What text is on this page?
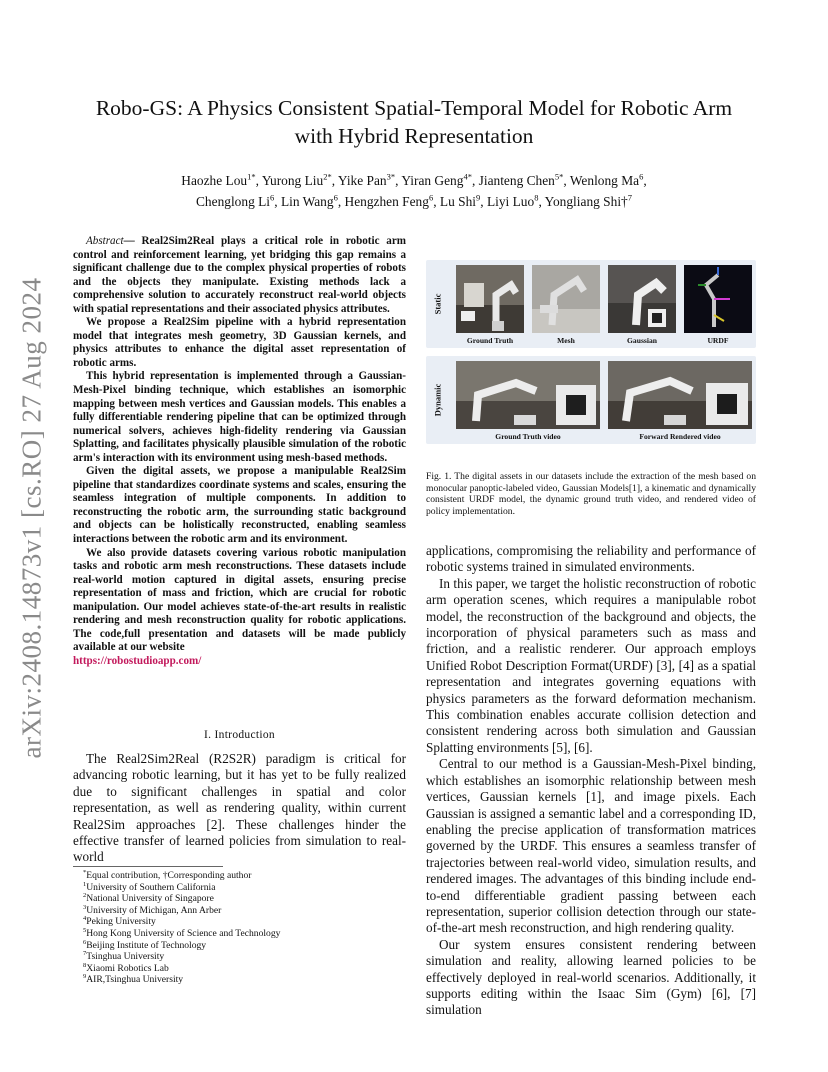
arXiv:2408.14873v1 [cs.RO] 27 Aug 2024
Robo-GS: A Physics Consistent Spatial-Temporal Model for Robotic Arm
with Hybrid Representation
Haozhe Lou$^{1*}$, Yurong Liu$^{2*}$, Yike Pan$^{3*}$, Yiran Geng$^{4*}$, Jianteng Chen$^{5*}$, Wenlong Ma$^6$,
Chenglong Li$^6$, Lin Wang$^6$, Hengzhen Feng$^6$, Lu Shi$^9$, Liyi Luo$^8$, Yongliang Shi†$^7$

Abstract— Real2Sim2Real plays a critical role in robotic arm control and reinforcement learning, yet bridging this gap remains a significant challenge due to the complex physical properties of robots and the objects they manipulate. Existing methods lack a comprehensive solution to accurately reconstruct real-world objects with spatial representations and their associated physics attributes.

We propose a Real2Sim pipeline with a hybrid representation model that integrates mesh geometry, 3D Gaussian kernels, and physics attributes to enhance the digital asset representation of robotic arms.

This hybrid representation is implemented through a Gaussian-Mesh-Pixel binding technique, which establishes an isomorphic mapping between mesh vertices and Gaussian models. This enables a fully differentiable rendering pipeline that can be optimized through numerical solvers, achieves high-fidelity rendering via Gaussian Splatting, and facilitates physically plausible simulation of the robotic arm's interaction with its environment using mesh-based methods.

Given the digital assets, we propose a manipulable Real2Sim pipeline that standardizes coordinate systems and scales, ensuring the seamless integration of multiple components. In addition to reconstructing the robotic arm, the surrounding static background and objects can be holistically reconstructed, enabling seamless interactions between the robotic arm and its environment.

We also provide datasets covering various robotic manipulation tasks and robotic arm mesh reconstructions. These datasets include real-world motion captured in digital assets, ensuring precise representation of mass and friction, which are crucial for robotic manipulation. Our model achieves state-of-the-art results in realistic rendering and mesh reconstruction quality for robotic applications. The code,full presentation and datasets will be made publicly available at our website
https://robostudioapp.com/

I. Introduction

The Real2Sim2Real (R2S2R) paradigm is critical for advancing robotic learning, but it has yet to be fully realized due to significant challenges in spatial and color representation, as well as rendering quality, within current Real2Sim approaches [2]. These challenges hinder the effective transfer of learned policies from simulation to real-world

*Equal contribution, †Corresponding author
$^1$University of Southern California
$^2$National University of Singapore
$^3$University of Michigan, Ann Arber
$^4$Peking University
$^5$Hong Kong University of Science and Technology
$^6$Beijing Institute of Technology
$^7$Tsinghua University
$^8$Xiaomi Robotics Lab
$^9$AIR,Tsinghua University
Static
Ground Truth	Mesh	Gaussian	URDF
Dynamic
Ground Truth video	Forward Rendered video
Fig. 1. The digital assets in our datasets include the extraction of the mesh based on monocular panoptic-labeled video, Gaussian Models[1], a kinematic and dynamically consistent URDF model, the dynamic ground truth video, and rendered video of policy implementation.

applications, compromising the reliability and performance of robotic systems trained in simulated environments.

In this paper, we target the holistic reconstruction of robotic arm operation scenes, which requires a manipulable robot model, the reconstruction of the background and objects, the incorporation of physical parameters such as mass and friction, and a realistic renderer. Our approach employs Unified Robot Description Format(URDF) [3], [4] as a spatial representation and integrates governing equations with physics parameters as the forward deformation mechanism. This combination enables accurate collision detection and consistent rendering across both simulation and Gaussian Splatting environments [5], [6].

Central to our method is a Gaussian-Mesh-Pixel binding, which establishes an isomorphic relationship between mesh vertices, Gaussian kernels [1], and image pixels. Each Gaussian is assigned a semantic label and a corresponding ID, enabling the precise application of transformation matrices governed by the URDF. This ensures a seamless transfer of trajectories between real-world video, simulation results, and rendered images. The advantages of this binding include end-to-end differentiable gradient passing between each representation, superior collision detection through our state-of-the-art mesh reconstruction, and high rendering quality.

Our system ensures consistent rendering between simulation and reality, allowing learned policies to be effectively deployed in real-world scenarios. Additionally, it supports editing within the Isaac Sim (Gym) [6], [7] simulation
